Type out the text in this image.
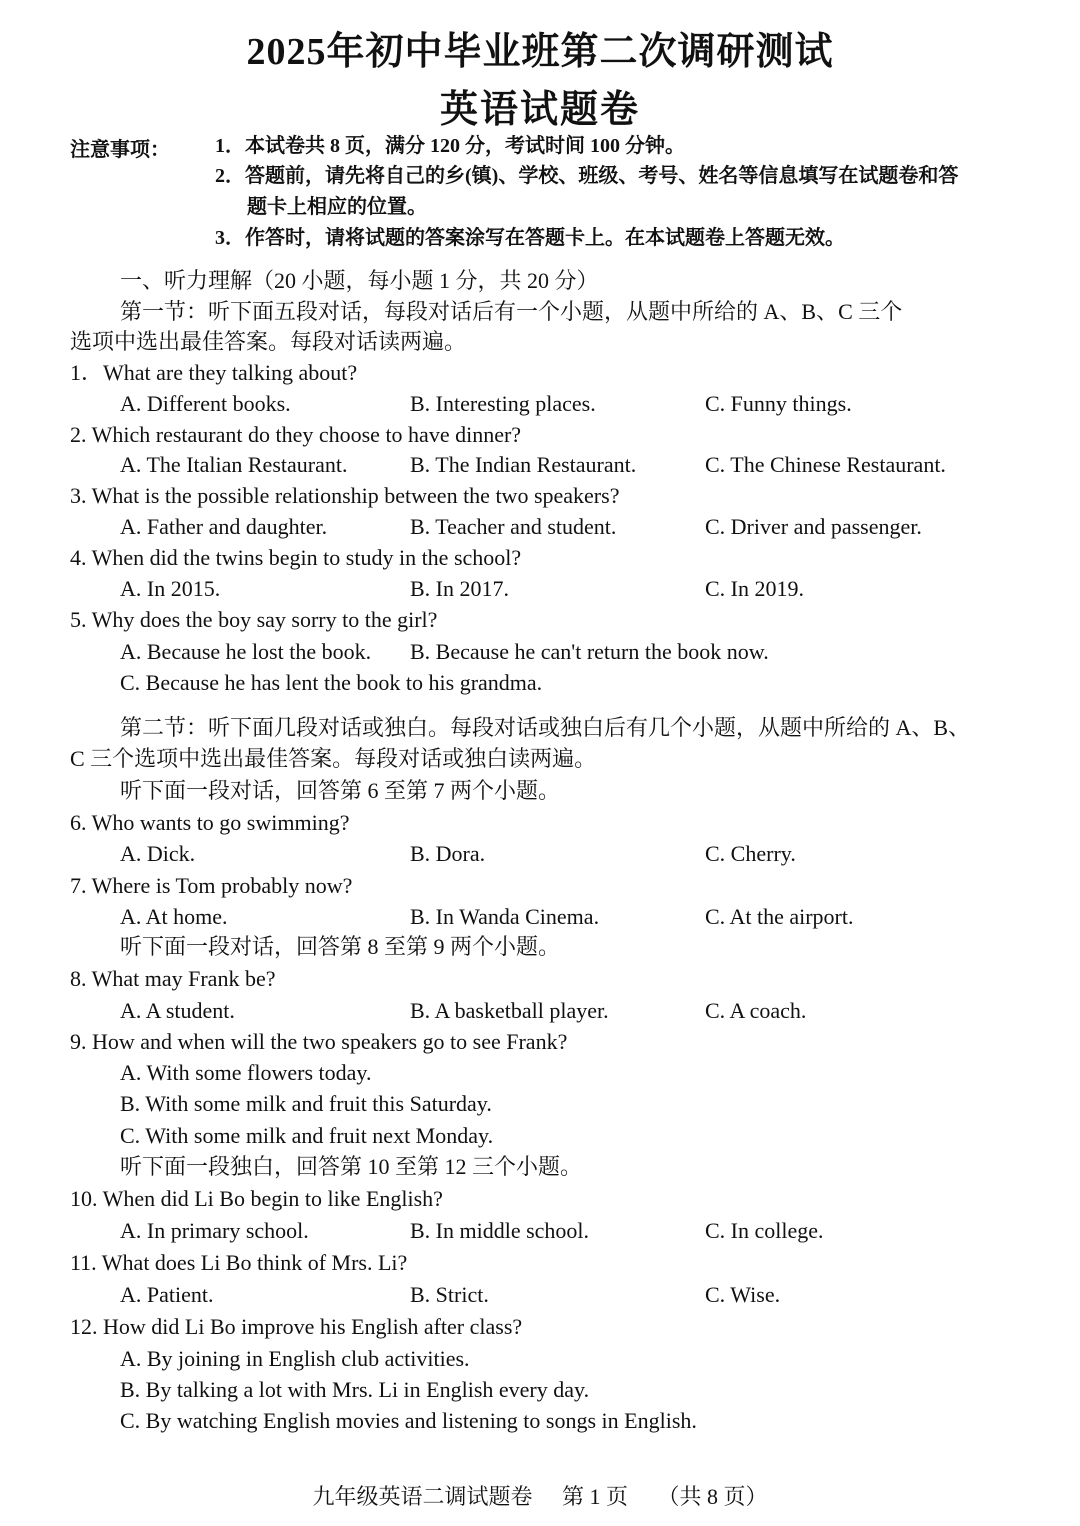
2025年初中毕业班第二次调研测试
英语试题卷
注意事项： 1．本试卷共 8 页，满分 120 分，考试时间 100 分钟。
2．答题前，请先将自己的乡(镇)、学校、班级、考号、姓名等信息填写在试题卷和答
题卡上相应的位置。
3．作答时，请将试题的答案涂写在答题卡上。在本试题卷上答题无效。
一、听力理解（20 小题，每小题 1 分，共 20 分）
第一节：听下面五段对话，每段对话后有一个小题，从题中所给的 A、B、C 三个
选项中选出最佳答案。每段对话读两遍。
1．What are they talking about?
A. Different books.	B. Interesting places.	C. Funny things.
2. Which restaurant do they choose to have dinner?
A. The Italian Restaurant.	B. The Indian Restaurant.	C. The Chinese Restaurant.
3. What is the possible relationship between the two speakers?
A. Father and daughter.	B. Teacher and student.	C. Driver and passenger.
4. When did the twins begin to study in the school?
A. In 2015.	B. In 2017.	C. In 2019.
5. Why does the boy say sorry to the girl?
A. Because he lost the book. B. Because he can't return the book now.
C. Because he has lent the book to his grandma.
第二节：听下面几段对话或独白。每段对话或独白后有几个小题，从题中所给的 A、B、
C 三个选项中选出最佳答案。每段对话或独白读两遍。
听下面一段对话，回答第 6 至第 7 两个小题。
6. Who wants to go swimming?
A. Dick.	B. Dora.	C. Cherry.
7. Where is Tom probably now?
A. At home.	B. In Wanda Cinema.	C. At the airport.
听下面一段对话，回答第 8 至第 9 两个小题。
8. What may Frank be?
A. A student.	B. A basketball player.	C. A coach.
9. How and when will the two speakers go to see Frank?
A. With some flowers today.
B. With some milk and fruit this Saturday.
C. With some milk and fruit next Monday.
听下面一段独白，回答第 10 至第 12 三个小题。
10. When did Li Bo begin to like English?
A. In primary school.	B. In middle school.	C. In college.
11. What does Li Bo think of Mrs. Li?
A. Patient.	B. Strict.	C. Wise.
12. How did Li Bo improve his English after class?
A. By joining in English club activities.
B. By talking a lot with Mrs. Li in English every day.
C. By watching English movies and listening to songs in English.
九年级英语二调试题卷 第 1 页 （共 8 页）
